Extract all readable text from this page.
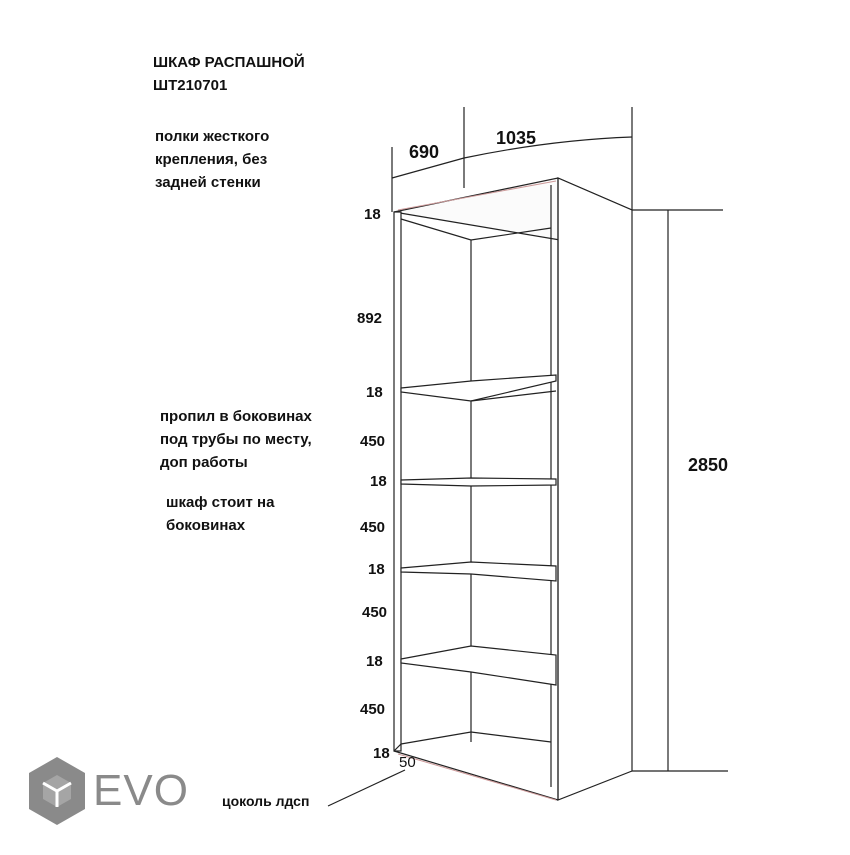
ШКАФ РАСПАШНОЙ
ШТ210701
полки жесткого
крепления, без
задней стенки
пропил в боковинах
под трубы по месту,
доп работы
шкаф стоит на
боковинах
цоколь лдсп
690
1035
2850
18
892
18
450
18
450
18
450
18
450
18
50
EVO
